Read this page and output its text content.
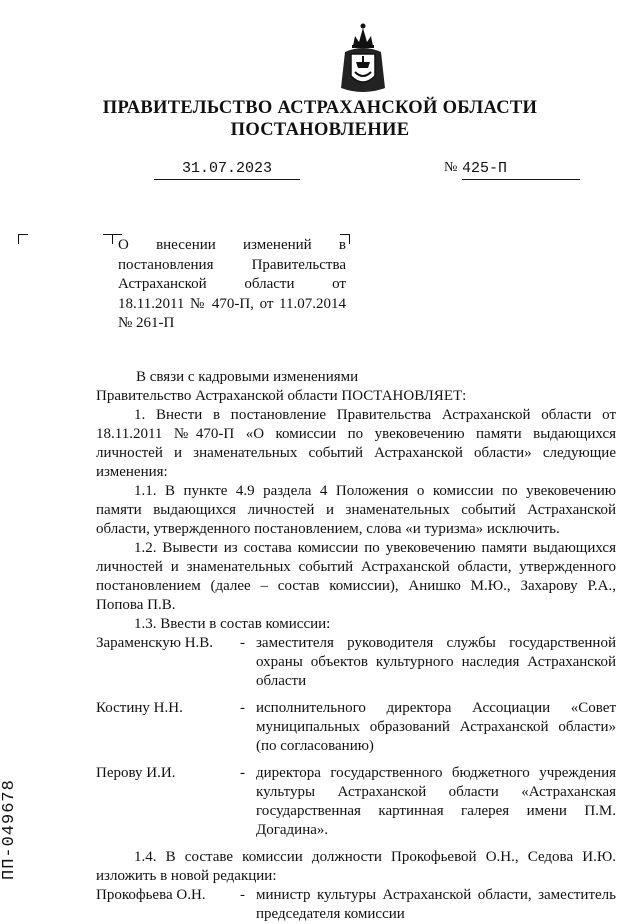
ПРАВИТЕЛЬСТВО АСТРАХАНСКОЙ ОБЛАСТИ
ПОСТАНОВЛЕНИЕ
31.07.2023	№ 425-П
О внесении изменений в постановления Правительства Астраханской области от 18.11.2011 № 470-П, от 11.07.2014 № 261-П

В связи с кадровыми изменениями

Правительство Астраханской области ПОСТАНОВЛЯЕТ:

1. Внести в постановление Правительства Астраханской области от 18.11.2011 №470-П «О комиссии по увековечению памяти выдающихся личностей и знаменательных событий Астраханской области» следующие изменения:

1.1. В пункте 4.9 раздела 4 Положения о комиссии по увековечению памяти выдающихся личностей и знаменательных событий Астраханской области, утвержденного постановлением, слова «и туризма» исключить.

1.2. Вывести из состава комиссии по увековечению памяти выдающихся личностей и знаменательных событий Астраханской области, утвержденного постановлением (далее – состав комиссии), Анишко М.Ю., Захарову Р.А., Попова П.В.

1.3. Ввести в состав комиссии:

Зараменскую Н.В.	- заместителя руководителя службы государственной охраны объектов культурного наследия Астраханской области
Костину Н.Н.	- исполнительного директора Ассоциации «Совет муниципальных образований Астраханской области» (по согласованию)
Перову И.И.	- директора государственного бюджетного учреждения культуры Астраханской области «Астраханская государственная картинная галерея имени П.М. Догадина».

1.4. В составе комиссии должности Прокофьевой О.Н., Седова И.Ю. изложить в новой редакции:

Прокофьева О.Н.	- министр культуры Астраханской области, заместитель председателя комиссии
ПП-049678
